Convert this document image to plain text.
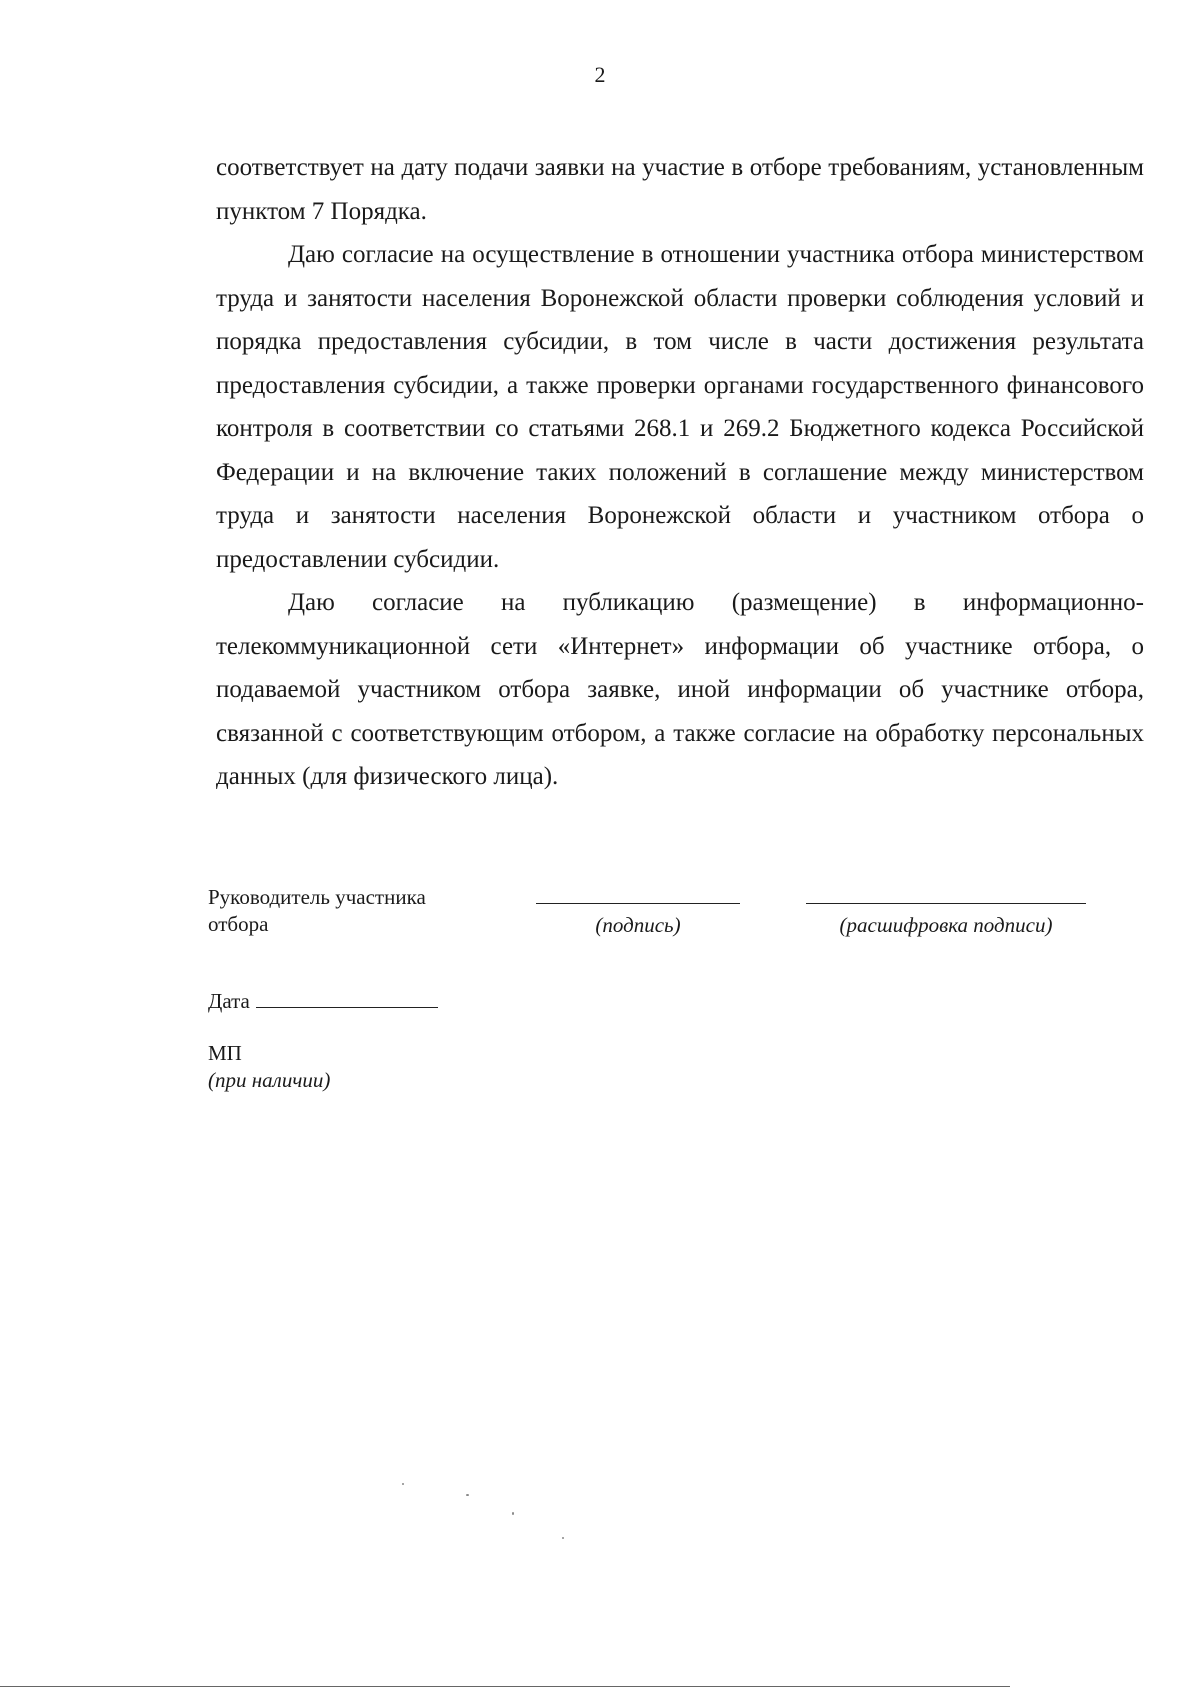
2

соответствует на дату подачи заявки на участие в отборе требованиям, установленным пунктом 7 Порядка.

Даю согласие на осуществление в отношении участника отбора министерством труда и занятости населения Воронежской области проверки соблюдения условий и порядка предоставления субсидии, в том числе в части достижения результата предоставления субсидии, а также проверки органами государственного финансового контроля в соответствии со статьями 268.1 и 269.2 Бюджетного кодекса Российской Федерации и на включение таких положений в соглашение между министерством труда и занятости населения Воронежской области и участником отбора о предоставлении субсидии.

Даю согласие на публикацию (размещение) в информационно-телекоммуникационной сети «Интернет» информации об участнике отбора, о подаваемой участником отбора заявке, иной информации об участнике отбора, связанной с соответствующим отбором, а также согласие на обработку персональных данных (для физического лица).

Руководитель участника
отбора	(подпись)	(расшифровка подписи)
Дата
МП
(при наличии)
